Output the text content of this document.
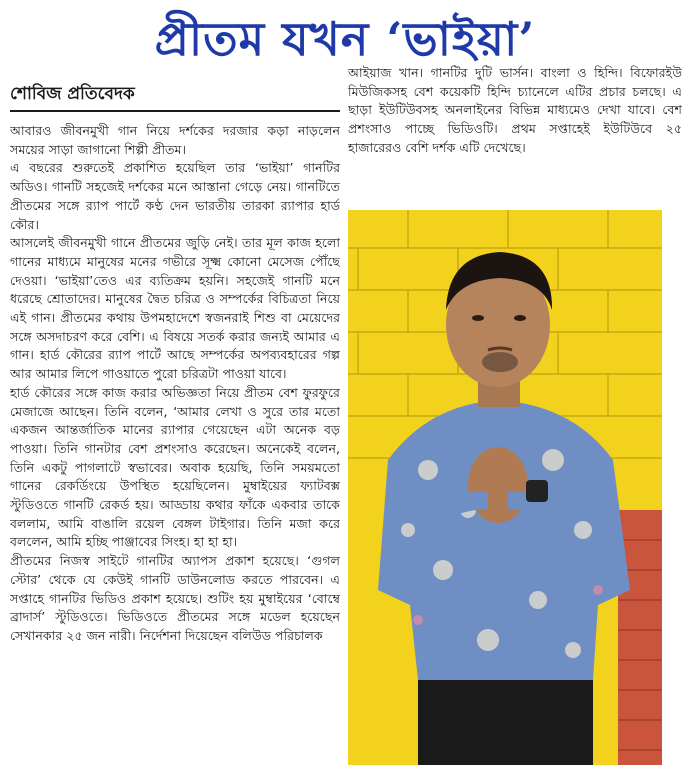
প্রীতম যখন ‘ভাইয়া’
শোবিজ প্রতিবেদক

আবারও জীবনমুখী গান নিয়ে দর্শকের দরজার কড়া নাড়লেন সময়ের সাড়া জাগানো শিল্পী প্রীতম।

এ বছরের শুরুতেই প্রকাশিত হয়েছিল তার ‘ভাইয়া’ গানটির অডিও। গানটি সহজেই দর্শকের মনে আস্তানা গেড়ে নেয়। গানটিতে প্রীতমের সঙ্গে র‌্যাপ পার্টে কণ্ঠ দেন ভারতীয় তারকা র‌্যাপার হার্ড কৌর।

আসলেই জীবনমুখী গানে প্রীতমের জুড়ি নেই। তার মূল কাজ হলো গানের মাধ্যমে মানুষের মনের গভীরে সূক্ষ্ম কোনো মেসেজ পৌঁছে দেওয়া। ‘ভাইয়া’তেও এর ব্যতিক্রম হয়নি। সহজেই গানটি মনে ধরেছে শ্রোতাদের। মানুষের দ্বৈত চরিত্র ও সম্পর্কের বিচিত্রতা নিয়ে এই গান। প্রীতমের কথায় উপমহাদেশে স্বজনরাই শিশু বা মেয়েদের সঙ্গে অসদাচরণ করে বেশি। এ বিষয়ে সতর্ক করার জন্যই আমার এ গান। হার্ড কৌরের র‌্যাপ পার্টে আছে সম্পর্কের অপব্যবহারের গল্প আর আমার লিপে গাওয়াতে পুরো চরিত্রটা পাওয়া যাবে।

হার্ড কৌরের সঙ্গে কাজ করার অভিজ্ঞতা নিয়ে প্রীতম বেশ ফুরফুরে মেজাজে আছেন। তিনি বলেন, ‘আমার লেখা ও সুরে তার মতো একজন আন্তর্জাতিক মানের র‌্যাপার গেয়েছেন এটা অনেক বড় পাওয়া। তিনি গানটার বেশ প্রশংসাও করেছেন। অনেকেই বলেন, তিনি একটু পাগলাটে স্বভাবের। অবাক হয়েছি, তিনি সময়মতো গানের রেকর্ডিংয়ে উপস্থিত হয়েছিলেন। মুম্বাইয়ের ফ্যাটবক্স স্টুডিওতে গানটি রেকর্ড হয়। আড্ডায় কথার ফাঁকে একবার তাকে বললাম, আমি বাঙালি রয়েল বেঙ্গল টাইগার। তিনি মজা করে বললেন, আমি হচ্ছি পাঞ্জাবের সিংহ। হা হা হা।

প্রীতমের নিজস্ব সাইটে গানটির অ্যাপস প্রকাশ হয়েছে। ‘গুগল স্টোর’ থেকে যে কেউই গানটি ডাউনলোড করতে পারবেন। এ সপ্তাহে গানটির ভিডিও প্রকাশ হয়েছে। শুটিং হয় মুম্বাইয়ের ‘বোম্বে ব্রাদার্স’ স্টুডিওতে। ভিডিওতে প্রীতমের সঙ্গে মডেল হয়েছেন সেখানকার ২৫ জন নারী। নির্দেশনা দিয়েছেন বলিউড পরিচালক

আইয়াজ খান। গানটির দুটি ভার্সন। বাংলা ও হিন্দি। বিফোরইউ মিউজিকসহ বেশ কয়েকটি হিন্দি চ্যানেলে এটির প্রচার চলছে। এ ছাড়া ইউটিউবসহ অনলাইনের বিভিন্ন মাধ্যমেও দেখা যাবে। বেশ প্রশংসাও পাচ্ছে ভিডিওটি। প্রথম সপ্তাহেই ইউটিউবে ২৫ হাজারেরও বেশি দর্শক এটি দেখেছে।
